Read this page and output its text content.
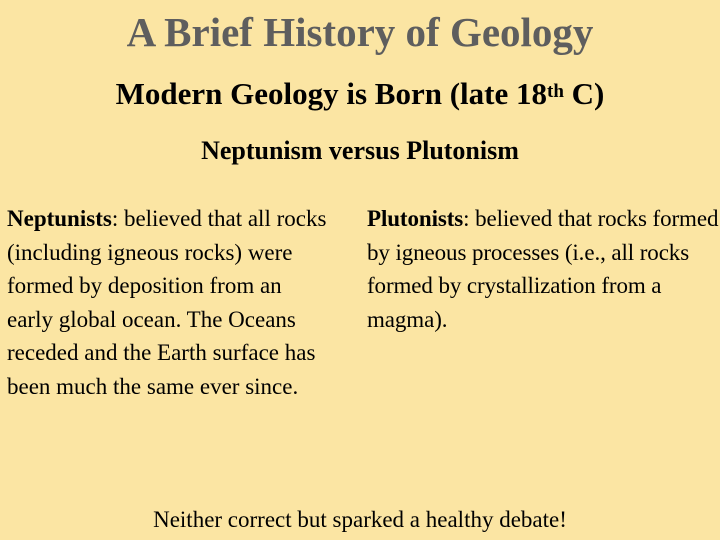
A Brief History of Geology
Modern Geology is Born (late 18th C)
Neptunism versus Plutonism
Neptunists: believed that all rocks (including igneous rocks) were formed by deposition from an early global ocean. The Oceans receded and the Earth surface has been much the same ever since.
Plutonists: believed that rocks formed by igneous processes (i.e., all rocks formed by crystallization from a magma).
Neither correct but sparked a healthy debate!
